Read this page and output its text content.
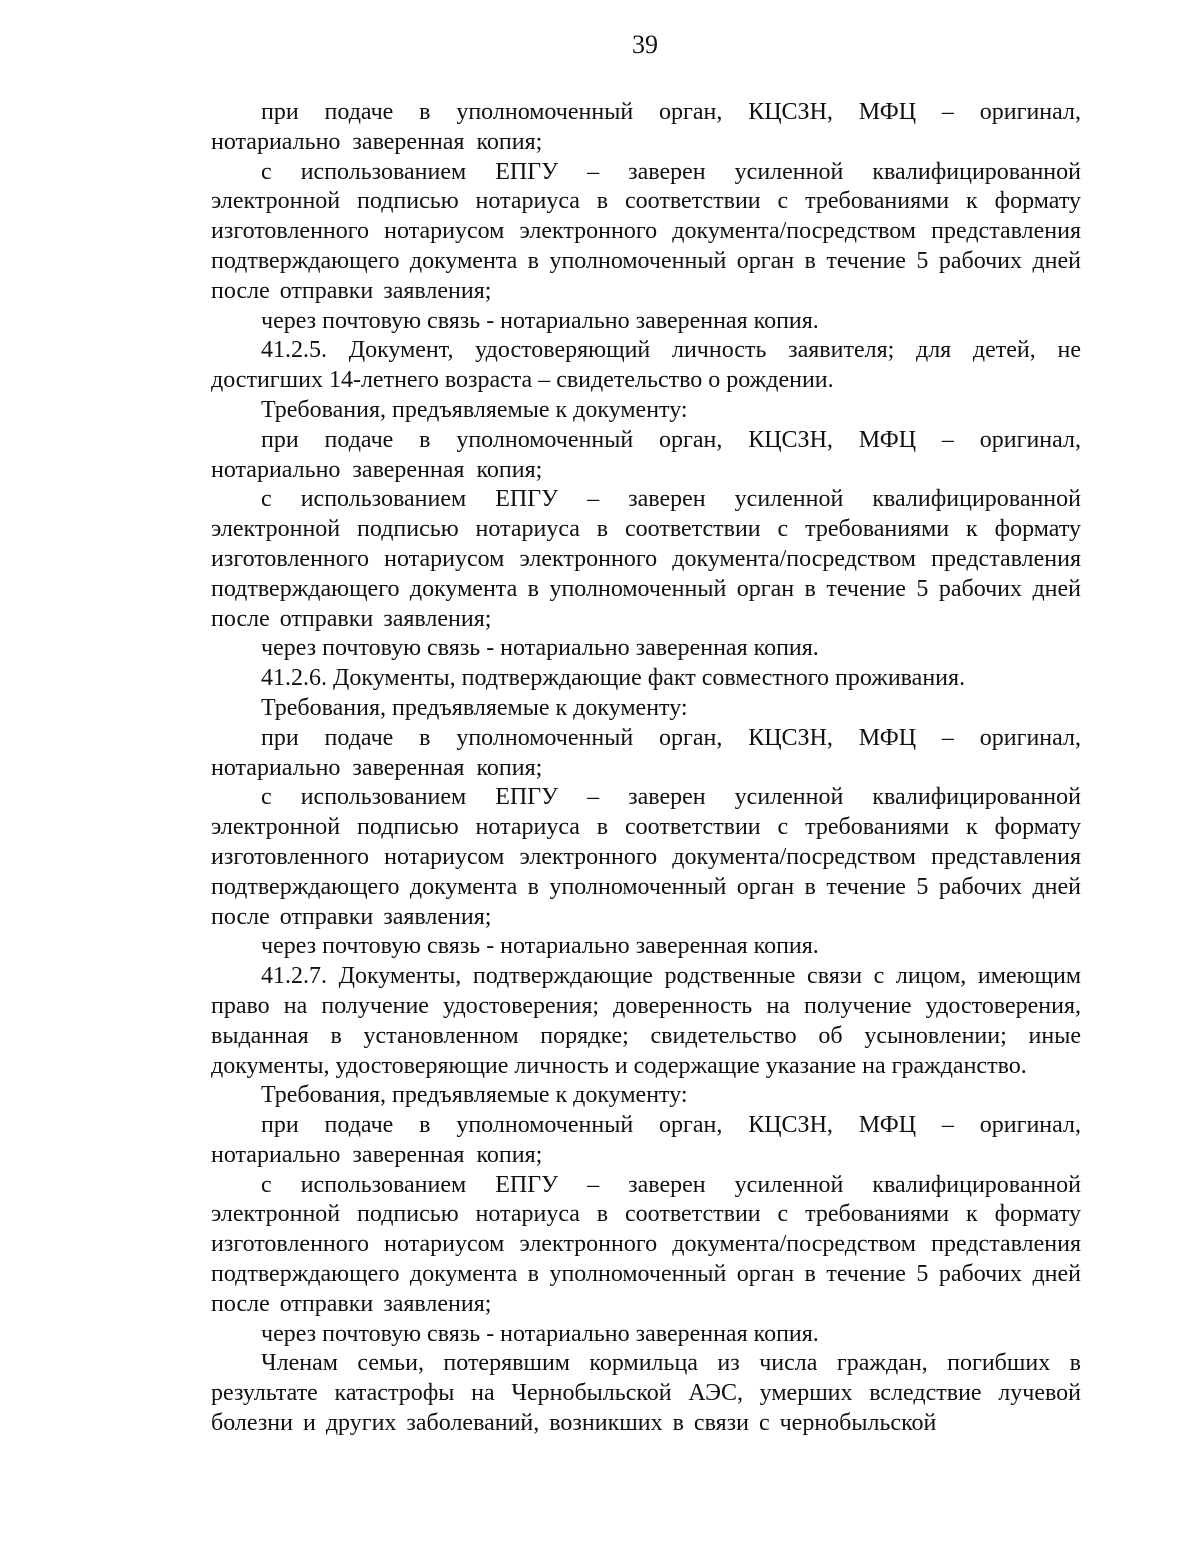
39

при подаче в уполномоченный орган, КЦСЗН, МФЦ – оригинал, нотариально заверенная копия;

с использованием ЕПГУ – заверен усиленной квалифицированной электронной подписью нотариуса в соответствии с требованиями к формату изготовленного нотариусом электронного документа/посредством представления подтверждающего документа в уполномоченный орган в течение 5 рабочих дней после отправки заявления;

через почтовую связь - нотариально заверенная копия.

41.2.5. Документ, удостоверяющий личность заявителя; для детей, не достигших 14-летнего возраста – свидетельство о рождении.

Требования, предъявляемые к документу:

при подаче в уполномоченный орган, КЦСЗН, МФЦ – оригинал, нотариально заверенная копия;

с использованием ЕПГУ – заверен усиленной квалифицированной электронной подписью нотариуса в соответствии с требованиями к формату изготовленного нотариусом электронного документа/посредством представления подтверждающего документа в уполномоченный орган в течение 5 рабочих дней после отправки заявления;

через почтовую связь - нотариально заверенная копия.

41.2.6. Документы, подтверждающие факт совместного проживания.

Требования, предъявляемые к документу:

при подаче в уполномоченный орган, КЦСЗН, МФЦ – оригинал, нотариально заверенная копия;

с использованием ЕПГУ – заверен усиленной квалифицированной электронной подписью нотариуса в соответствии с требованиями к формату изготовленного нотариусом электронного документа/посредством представления подтверждающего документа в уполномоченный орган в течение 5 рабочих дней после отправки заявления;

через почтовую связь - нотариально заверенная копия.

41.2.7. Документы, подтверждающие родственные связи с лицом, имеющим право на получение удостоверения; доверенность на получение удостоверения, выданная в установленном порядке; свидетельство об усыновлении; иные документы, удостоверяющие личность и содержащие указание на гражданство.

Требования, предъявляемые к документу:

при подаче в уполномоченный орган, КЦСЗН, МФЦ – оригинал, нотариально заверенная копия;

с использованием ЕПГУ – заверен усиленной квалифицированной электронной подписью нотариуса в соответствии с требованиями к формату изготовленного нотариусом электронного документа/посредством представления подтверждающего документа в уполномоченный орган в течение 5 рабочих дней после отправки заявления;

через почтовую связь - нотариально заверенная копия.

Членам семьи, потерявшим кормильца из числа граждан, погибших в результате катастрофы на Чернобыльской АЭС, умерших вследствие лучевой болезни и других заболеваний, возникших в связи с чернобыльской
